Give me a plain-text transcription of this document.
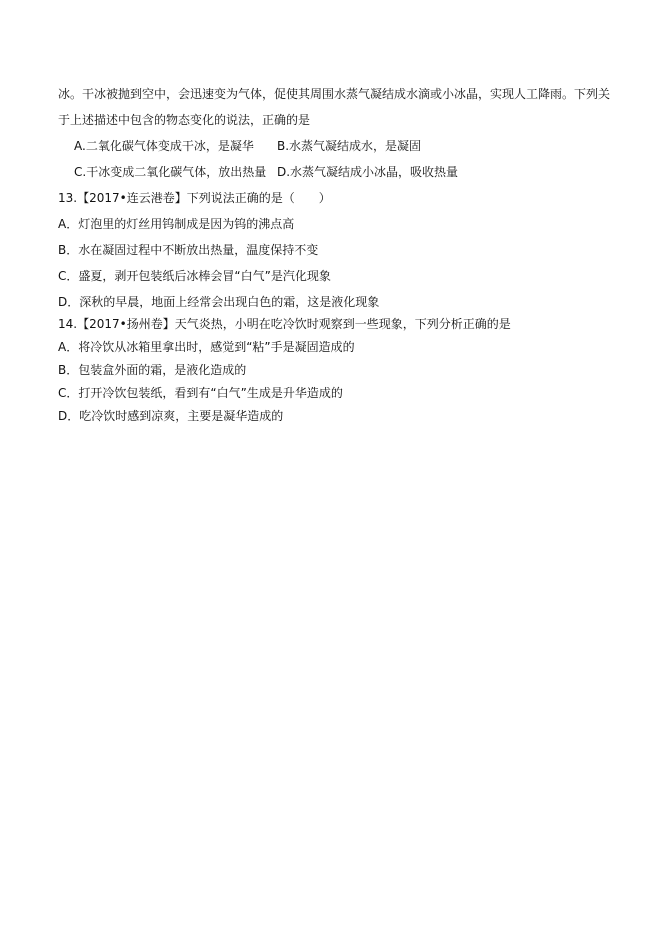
冰。干冰被抛到空中，会迅速变为气体，促使其周围水蒸气凝结成水滴或小冰晶，实现人工降雨。下列关
于上述描述中包含的物态变化的说法，正确的是
A.二氧化碳气体变成干冰，是凝华 B.水蒸气凝结成水，是凝固
C.干冰变成二氧化碳气体，放出热量 D.水蒸气凝结成小冰晶，吸收热量
13.【2017•连云港卷】下列说法正确的是（　　）
A．灯泡里的灯丝用钨制成是因为钨的沸点高
B．水在凝固过程中不断放出热量，温度保持不变
C．盛夏，剥开包装纸后冰棒会冒“白气”是汽化现象
D．深秋的早晨，地面上经常会出现白色的霜，这是液化现象
14.【2017•扬州卷】天气炎热，小明在吃冷饮时观察到一些现象，下列分析正确的是
A．将冷饮从冰箱里拿出时，感觉到“粘”手是凝固造成的
B．包装盒外面的霜，是液化造成的
C．打开冷饮包装纸，看到有“白气”生成是升华造成的
D．吃冷饮时感到凉爽，主要是凝华造成的
